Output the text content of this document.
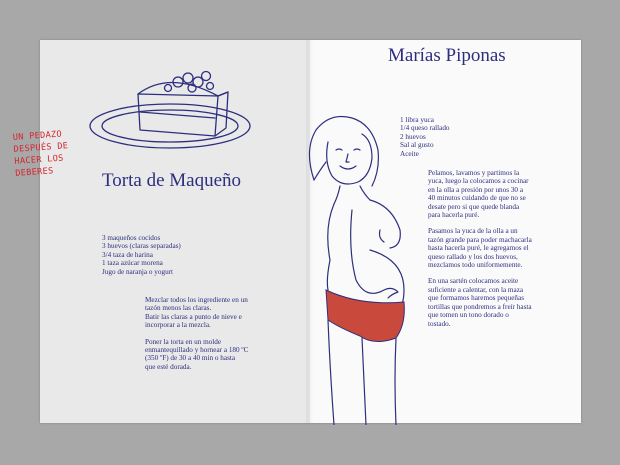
UN PEDAZO
DESPUÉS DE
HACER LOS
DEBERES	Torta de Maqueño
3 maqueños cocidos
3 huevos (claras separadas)
3/4 taza de harina
1 taza azúcar morena
Jugo de naranja o yogurt
Mezclar todos los ingrediente en un
tazón menos las claras.
Batir las claras a punto de nieve e
incorporar a la mezcla.
Poner la torta en un molde
enmantequillado y hornear a 180 ºC
(350 ºF) de 30 a 40 min o hasta
que esté dorada.
Marías Piponas
1 libra yuca
1/4 queso rallado
2 huevos
Sal al gusto
Aceite
Pelamos, lavamos y partimos la
yuca, luego la colocamos a cocinar
en la olla a presión por unos 30 a
40 minutos cuidando de que no se
desate pero si que quede blanda
para hacerla puré.
Pasamos la yuca de la olla a un
tazón grande para poder machacarla
hasta hacerla puré, le agregamos el
queso rallado y los dos huevos,
mezclamos todo uniformemente.
En una sartén colocamos aceite
suficiente a calentar, con la maza
que formamos haremos pequeñas
tortillas que pondremos a freír hasta
que tomen un tono dorado o
tostado.
